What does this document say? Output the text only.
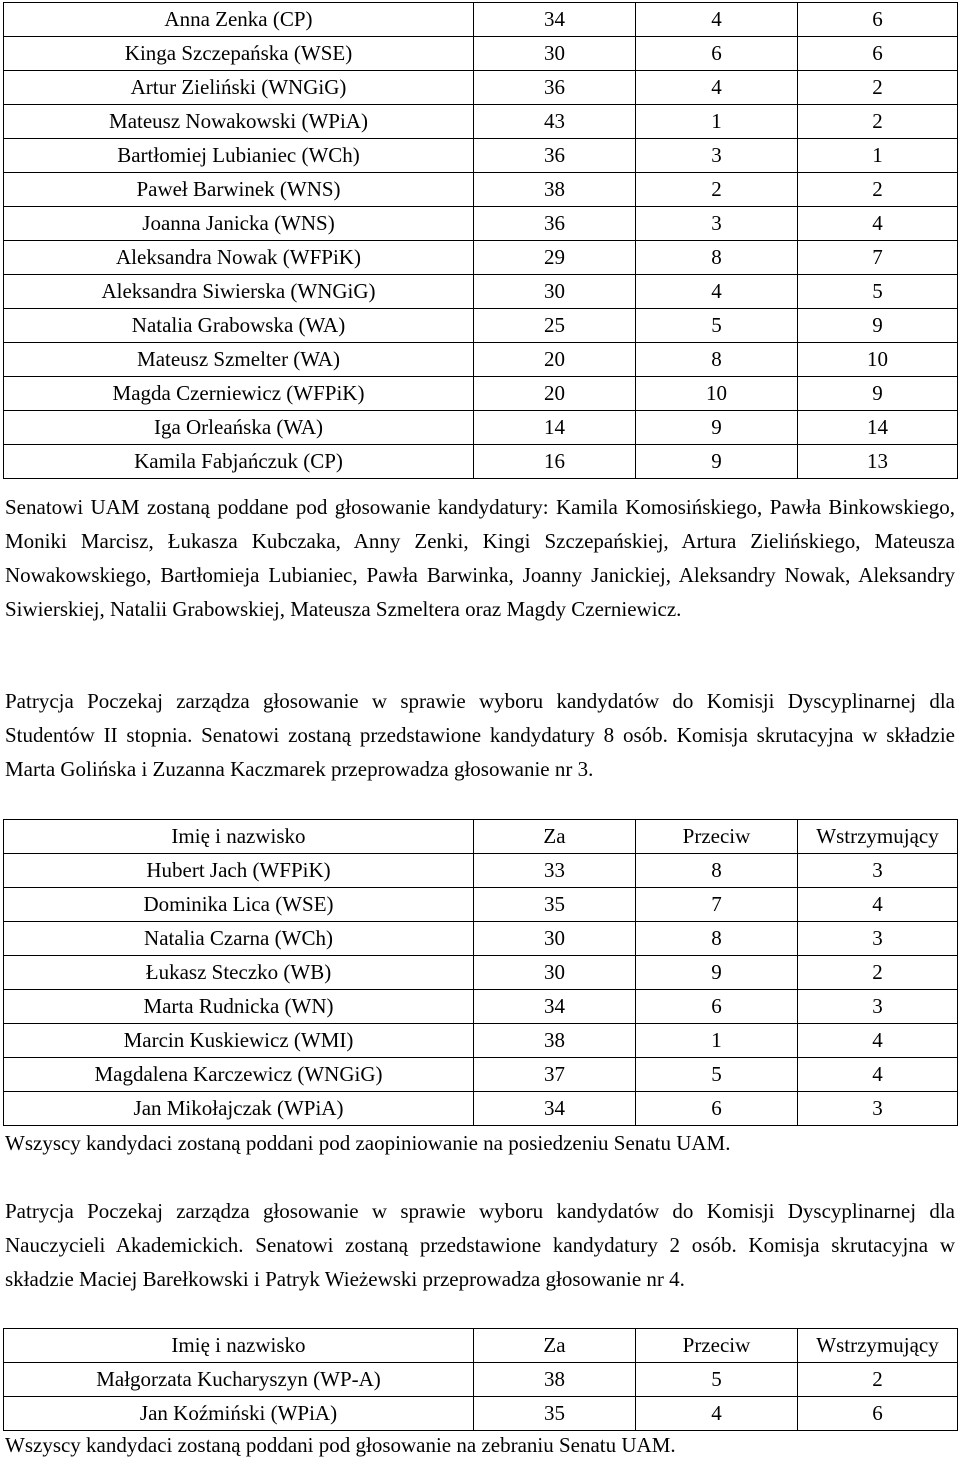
Anna Zenka (CP)	34	4	6
Kinga Szczepańska (WSE)	30	6	6
Artur Zieliński (WNGiG)	36	4	2
Mateusz Nowakowski (WPiA)	43	1	2
Bartłomiej Lubianiec (WCh)	36	3	1
Paweł Barwinek (WNS)	38	2	2
Joanna Janicka (WNS)	36	3	4
Aleksandra Nowak (WFPiK)	29	8	7
Aleksandra Siwierska (WNGiG)	30	4	5
Natalia Grabowska (WA)	25	5	9
Mateusz Szmelter (WA)	20	8	10
Magda Czerniewicz (WFPiK)	20	10	9
Iga Orleańska (WA)	14	9	14
Kamila Fabjańczuk (CP)	16	9	13

Senatowi UAM zostaną poddane pod głosowanie kandydatury: Kamila Komosińskiego, Pawła Binkowskiego, Moniki Marcisz, Łukasza Kubczaka, Anny Zenki, Kingi Szczepańskiej, Artura Zielińskiego, Mateusza Nowakowskiego, Bartłomieja Lubianiec, Pawła Barwinka, Joanny Janickiej, Aleksandry Nowak, Aleksandry Siwierskiej, Natalii Grabowskiej, Mateusza Szmeltera oraz Magdy Czerniewicz.

Patrycja Poczekaj zarządza głosowanie w sprawie wyboru kandydatów do Komisji Dyscyplinarnej dla Studentów II stopnia. Senatowi zostaną przedstawione kandydatury 8 osób. Komisja skrutacyjna w składzie Marta Golińska i Zuzanna Kaczmarek przeprowadza głosowanie nr 3.

Imię i nazwisko	Za	Przeciw	Wstrzymujący
Hubert Jach (WFPiK)	33	8	3
Dominika Lica (WSE)	35	7	4
Natalia Czarna (WCh)	30	8	3
Łukasz Steczko (WB)	30	9	2
Marta Rudnicka (WN)	34	6	3
Marcin Kuskiewicz (WMI)	38	1	4
Magdalena Karczewicz (WNGiG)	37	5	4
Jan Mikołajczak (WPiA)	34	6	3

Wszyscy kandydaci zostaną poddani pod zaopiniowanie na posiedzeniu Senatu UAM.

Patrycja Poczekaj zarządza głosowanie w sprawie wyboru kandydatów do Komisji Dyscyplinarnej dla Nauczycieli Akademickich. Senatowi zostaną przedstawione kandydatury 2 osób. Komisja skrutacyjna w składzie Maciej Barełkowski i Patryk Wieżewski przeprowadza głosowanie nr 4.

Imię i nazwisko	Za	Przeciw	Wstrzymujący
Małgorzata Kucharyszyn (WP-A)	38	5	2
Jan Koźmiński (WPiA)	35	4	6

Wszyscy kandydaci zostaną poddani pod głosowanie na zebraniu Senatu UAM.
